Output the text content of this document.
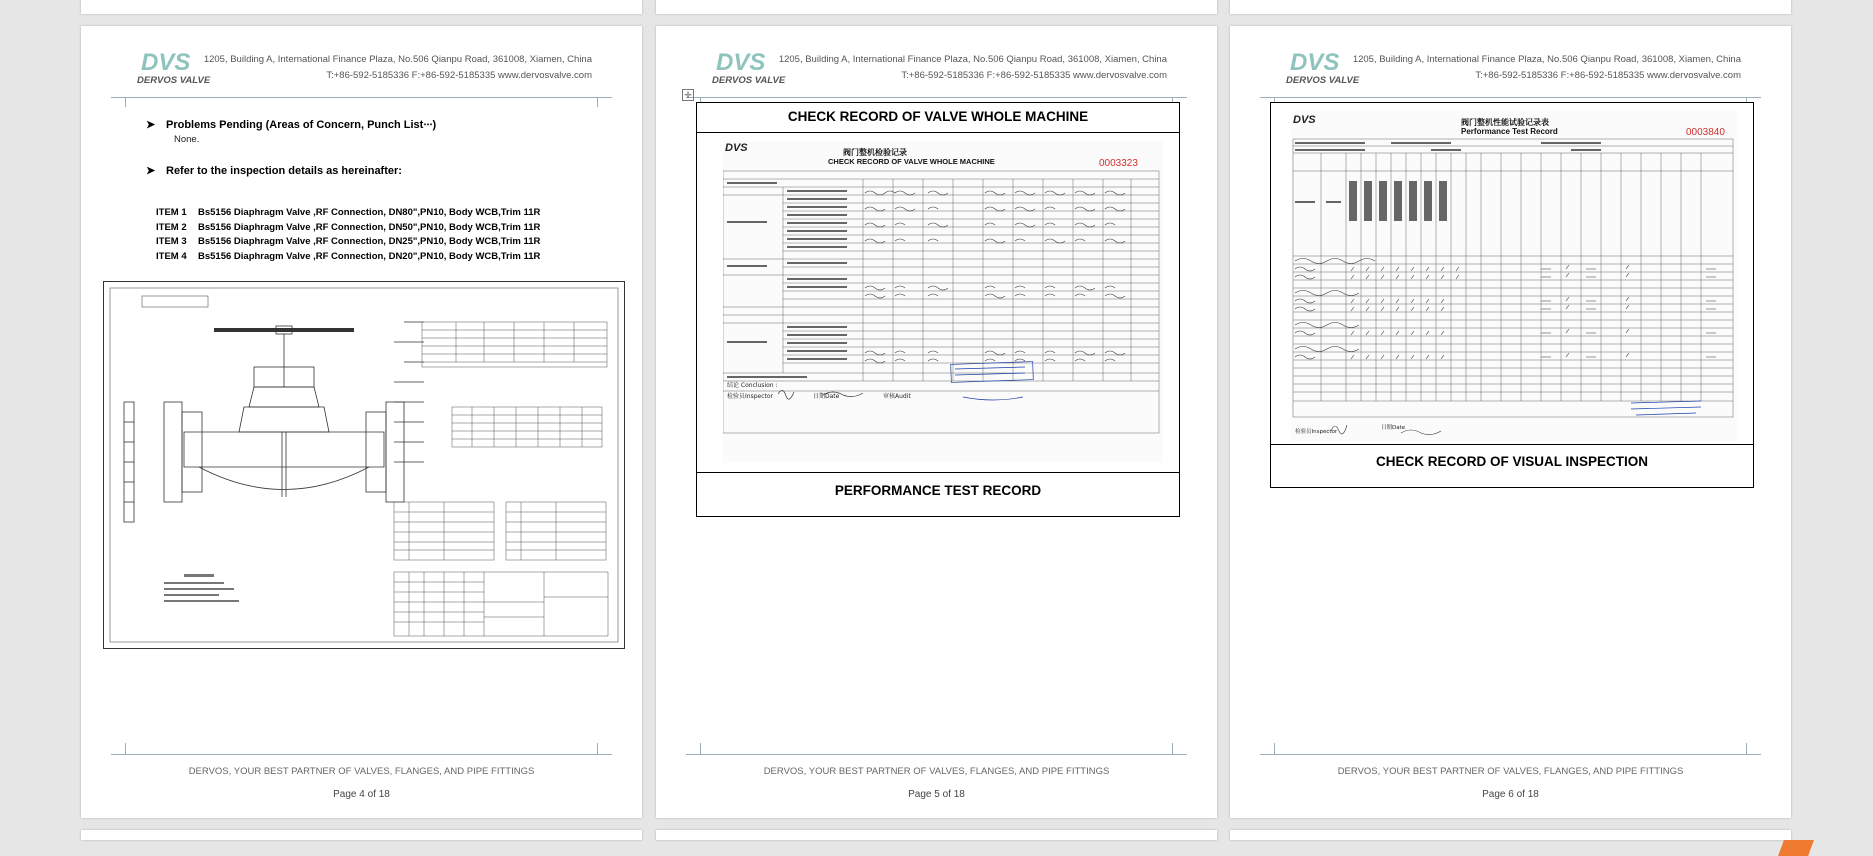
DVS
DERVOS VALVE
1205, Building A, International Finance Plaza, No.506 Qianpu Road, 361008, Xiamen, China
T:+86-592-5185336 F:+86-592-5185335 www.dervosvalve.com
➤ Problems Pending (Areas of Concern, Punch List∙∙∙)
None.
➤ Refer to the inspection details as hereinafter:
ITEM 1 Bs5156 Diaphragm Valve ,RF Connection, DN80",PN10, Body WCB,Trim 11R
ITEM 2 Bs5156 Diaphragm Valve ,RF Connection, DN50",PN10, Body WCB,Trim 11R
ITEM 3 Bs5156 Diaphragm Valve ,RF Connection, DN25",PN10, Body WCB,Trim 11R
ITEM 4 Bs5156 Diaphragm Valve ,RF Connection, DN20",PN10, Body WCB,Trim 11R
DERVOS, YOUR BEST PARTNER OF VALVES, FLANGES, AND PIPE FITTINGS
Page 4 of 18
DVS
DERVOS VALVE
1205, Building A, International Finance Plaza, No.506 Qianpu Road, 361008, Xiamen, China
T:+86-592-5185336 F:+86-592-5185335 www.dervosvalve.com
✛
CHECK RECORD OF VALVE WHOLE MACHINE
DVS	阀门整机检验记录
CHECK RECORD OF VALVE WHOLE MACHINE	0003323
结论 Conclusion :
检验员Inspector	日期Date	审核Audit
PERFORMANCE TEST RECORD
DERVOS, YOUR BEST PARTNER OF VALVES, FLANGES, AND PIPE FITTINGS
Page 5 of 18
DVS
DERVOS VALVE
1205, Building A, International Finance Plaza, No.506 Qianpu Road, 361008, Xiamen, China
T:+86-592-5185336 F:+86-592-5185335 www.dervosvalve.com
DVS	阀门整机性能试验记录表
Performance Test Record	0003840
检验员Inspector
日期Date
CHECK RECORD OF VISUAL INSPECTION
DERVOS, YOUR BEST PARTNER OF VALVES, FLANGES, AND PIPE FITTINGS
Page 6 of 18
